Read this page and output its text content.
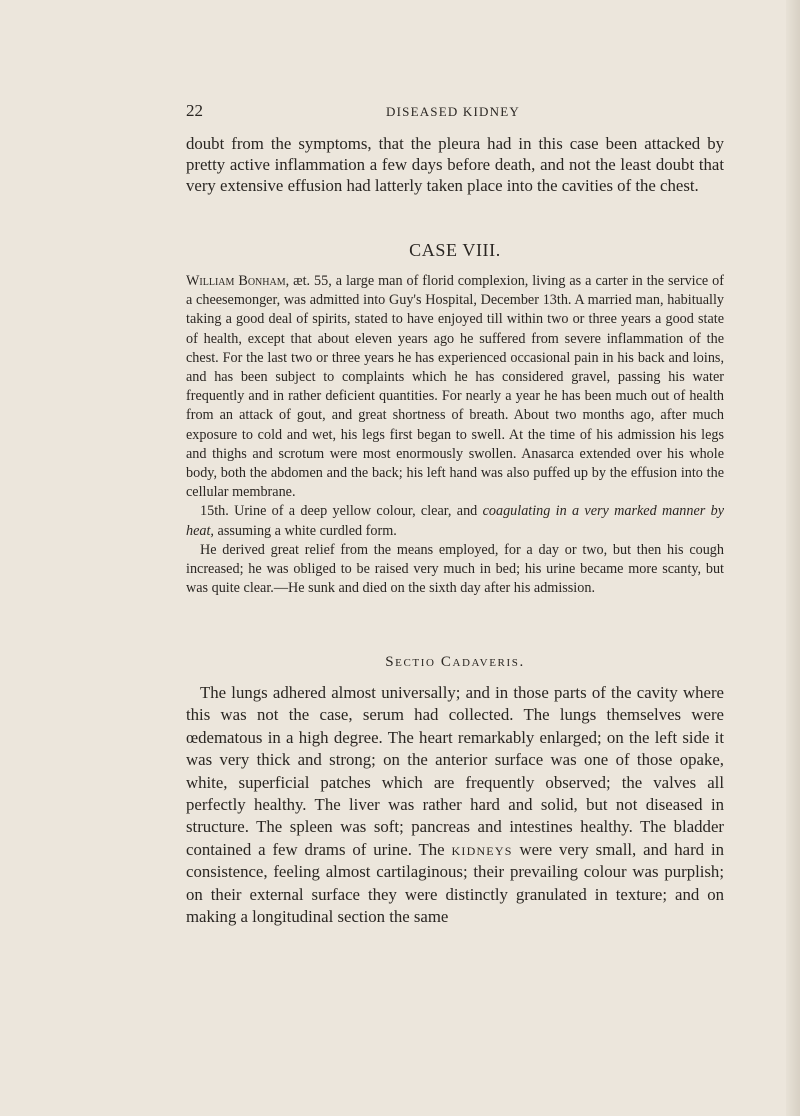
22	DISEASED KIDNEY

doubt from the symptoms, that the pleura had in this case been attacked by pretty active inflammation a few days before death, and not the least doubt that very extensive effusion had latterly taken place into the cavities of the chest.

CASE VIII.

William Bonham, æt. 55, a large man of florid complexion, living as a carter in the service of a cheesemonger, was admitted into Guy's Hospital, December 13th. A married man, habitually taking a good deal of spirits, stated to have enjoyed till within two or three years a good state of health, except that about eleven years ago he suffered from severe inflammation of the chest. For the last two or three years he has experienced occasional pain in his back and loins, and has been subject to complaints which he has considered gravel, passing his water frequently and in rather deficient quantities. For nearly a year he has been much out of health from an attack of gout, and great shortness of breath. About two months ago, after much exposure to cold and wet, his legs first began to swell. At the time of his admission his legs and thighs and scrotum were most enormously swollen. Anasarca extended over his whole body, both the abdomen and the back; his left hand was also puffed up by the effusion into the cellular membrane.

15th. Urine of a deep yellow colour, clear, and coagulating in a very marked manner by heat, assuming a white curdled form.

He derived great relief from the means employed, for a day or two, but then his cough increased; he was obliged to be raised very much in bed; his urine became more scanty, but was quite clear.—He sunk and died on the sixth day after his admission.

Sectio Cadaveris.

The lungs adhered almost universally; and in those parts of the cavity where this was not the case, serum had collected. The lungs themselves were œdematous in a high degree. The heart remarkably enlarged; on the left side it was very thick and strong; on the anterior surface was one of those opake, white, superficial patches which are frequently observed; the valves all perfectly healthy. The liver was rather hard and solid, but not diseased in structure. The spleen was soft; pancreas and intestines healthy. The bladder contained a few drams of urine. The kidneys were very small, and hard in consistence, feeling almost cartilaginous; their prevailing colour was purplish; on their external surface they were distinctly granulated in texture; and on making a longitudinal section the same
